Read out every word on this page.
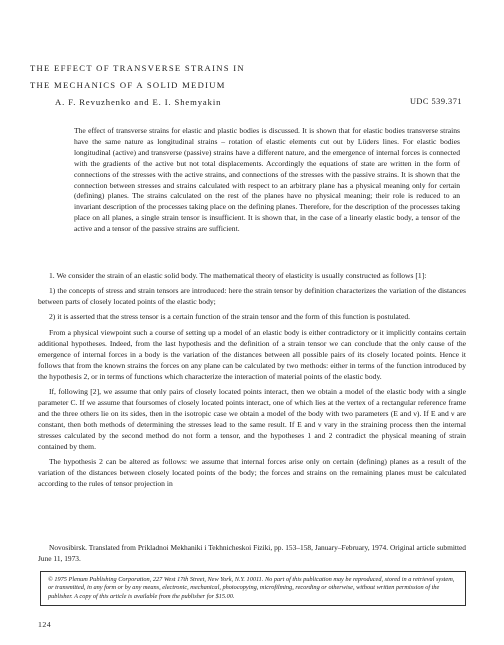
THE EFFECT OF TRANSVERSE STRAINS IN
THE MECHANICS OF A SOLID MEDIUM
A. F. Revuzhenko and E. I. Shemyakin	UDC 539.371

The effect of transverse strains for elastic and plastic bodies is discussed. It is shown that for elastic bodies transverse strains have the same nature as longitudinal strains – rotation of elastic elements cut out by Lüders lines. For elastic bodies longitudinal (active) and transverse (passive) strains have a different nature, and the emergence of internal forces is connected with the gradients of the active but not total displacements. Accordingly the equations of state are written in the form of connections of the stresses with the active strains, and connections of the stresses with the passive strains. It is shown that the connection between stresses and strains calculated with respect to an arbitrary plane has a physical meaning only for certain (defining) planes. The strains calculated on the rest of the planes have no physical meaning; their role is reduced to an invariant description of the processes taking place on the defining planes. Therefore, for the description of the processes taking place on all planes, a single strain tensor is insufficient. It is shown that, in the case of a linearly elastic body, a tensor of the active and a tensor of the passive strains are sufficient.

1. We consider the strain of an elastic solid body. The mathematical theory of elasticity is usually constructed as follows [1]:

1) the concepts of stress and strain tensors are introduced: here the strain tensor by definition characterizes the variation of the distances between parts of closely located points of the elastic body;

2) it is asserted that the stress tensor is a certain function of the strain tensor and the form of this function is postulated.

From a physical viewpoint such a course of setting up a model of an elastic body is either contradictory or it implicitly contains certain additional hypotheses. Indeed, from the last hypothesis and the definition of a strain tensor we can conclude that the only cause of the emergence of internal forces in a body is the variation of the distances between all possible pairs of its closely located points. Hence it follows that from the known strains the forces on any plane can be calculated by two methods: either in terms of the function introduced by the hypothesis 2, or in terms of functions which characterize the interaction of material points of the elastic body.

If, following [2], we assume that only pairs of closely located points interact, then we obtain a model of the elastic body with a single parameter C. If we assume that foursomes of closely located points interact, one of which lies at the vertex of a rectangular reference frame and the three others lie on its sides, then in the isotropic case we obtain a model of the body with two parameters (E and ν). If E and ν are constant, then both methods of determining the stresses lead to the same result. If E and ν vary in the straining process then the internal stresses calculated by the second method do not form a tensor, and the hypotheses 1 and 2 contradict the physical meaning of strain contained by them.

The hypothesis 2 can be altered as follows: we assume that internal forces arise only on certain (defining) planes as a result of the variation of the distances between closely located points of the body; the forces and strains on the remaining planes must be calculated according to the rules of tensor projection in

Novosibirsk. Translated from Prikladnoi Mekhaniki i Tekhnicheskoi Fiziki, pp. 153–158, January–February, 1974. Original article submitted June 11, 1973.

© 1975 Plenum Publishing Corporation, 227 West 17th Street, New York, N.Y. 10011. No part of this publication may be reproduced, stored in a retrieval system, or transmitted, in any form or by any means, electronic, mechanical, photocopying, microfilming, recording or otherwise, without written permission of the publisher. A copy of this article is available from the publisher for $15.00.

124
